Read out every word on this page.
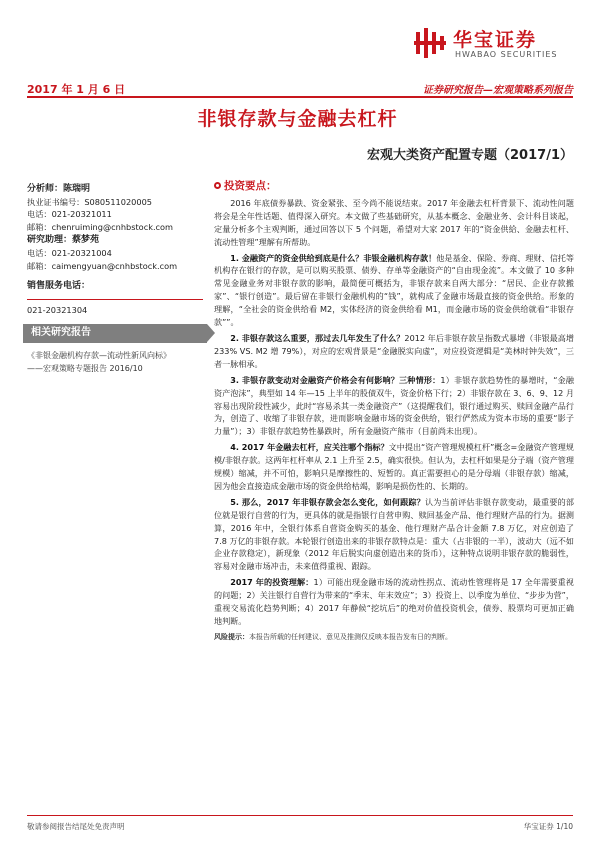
华宝证券
HWABAO SECURITIES
2017 年 1 月 6 日	证券研究报告—宏观策略系列报告
非银存款与金融去杠杆
宏观大类资产配置专题（2017/1）
分析师：陈瑞明
执业证书编号：S080511020005
电话：021-20321011
邮箱：chenruiming@cnhbstock.com
研究助理：蔡梦苑
电话：021-20321004
邮箱：caimengyuan@cnhbstock.com
销售服务电话：
021-20321304
相关研究报告
《非银金融机构存款—流动性新风向标》
——宏观策略专题报告 2016/10
投资要点：

2016 年底债券暴跌、资金紧张、至今尚不能说结束。2017 年金融去杠杆背景下、流动性问题将会是全年性话题、值得深入研究。本文做了些基础研究，从基本概念、金融业务、会计科目谈起，定量分析多个主观判断，通过回答以下 5 个问题，希望对大家 2017 年的“资金供給、金融去杠杆、流动性管理”理解有所帮助。

1. 金融资产的资金供给到底是什么？非银金融机构存款！他是基金、保险、券商、理财、信托等机构存在银行的存款，是可以购买股票、债券、存单等金融资产的“自由现金流”。本文做了 10 多种常见金融业务对非银存款的影响，最简便可概括为，非银存款来自两大部分：“居民、企业存款搬家”、“银行创造”。最后留在非银行金融机构的“钱”，就构成了金融市场最直接的资金供给。形象的理解，“全社会的资金供给看 M2，实体经济的资金供给看 M1，而金融市场的资金供给就看“非银存款””。

2. 非银存款这么重要，那过去几年发生了什么？2012 年后非银存款呈指数式暴增（非银最高增 233% VS. M2 增 79%），对应的宏观背景是“金融脱实向虚”，对应投资逻辑是“美林时钟失效”，三者一脉相承。

3. 非银存款变动对金融资产价格会有何影响？三种情形：1）非银存款趋势性的暴增时，“金融资产泡沫”，典型如 14 年—15 上半年的股债双牛，资金价格下行；2）非银存款在 3、6、9、12 月容易出现阶段性减少，此时“容易杀其一类金融资产”（这提醒我们，银行通过购买、赎回金融产品行为，创造了、收缩了非银存款，进而影响金融市场的资金供给，银行俨然成为资本市场的重要“影子力量”）；3）非银存款趋势性暴跌时，所有金融资产熊市（目前尚未出现）。

4. 2017 年金融去杠杆，应关注哪个指标？文中提出“资产管理规模杠杆”概念=金融资产管理规模/非银存款。这两年杠杆率从 2.1 上升至 2.5，确实很快。但认为，去杠杆如果是分子端（资产管理规模）缩减，并不可怕，影响只是摩擦性的、短暂的。真正需要担心的是分母端（非银存款）缩减，因为他会直接造成金融市场的资金供给枯竭，影响是损伤性的、长期的。

5. 那么，2017 年非银存款会怎么变化，如何跟踪？认为当前评估非银存款变动，最重要的部位就是银行自营的行为，更具体的就是指银行自营申购、赎回基金产品、他行理财产品的行为。据测算，2016 年中，全银行体系自营资金购买的基金、他行理财产品合计金额 7.8 万亿，对应创造了 7.8 万亿的非银存款。本轮银行创造出来的非银存款特点是：重大（占非银的一半），波动大（远不如企业存款稳定），新现象（2012 年后脱实向虚创造出来的货币），这种特点说明非银存款的脆弱性，容易对金融市场冲击，未来值得重视、跟踪。

2017 年的投资理解：1）可能出现金融市场的流动性拐点、流动性管理将是 17 全年需要重视的问题；2）关注银行自营行为带来的“季末、年末效应”；3）投资上、以季度为单位、“步步为营”，重视交易流化趋势判断；4）2017 年静候“挖坑后”的绝对价值投资机会，债券、股票均可更加正确地判断。

风险提示：本报告所载的任何建议、意见及推测仅反映本报告发布日的判断。

敬请参阅报告结尾处免责声明	华宝证券 1/10
